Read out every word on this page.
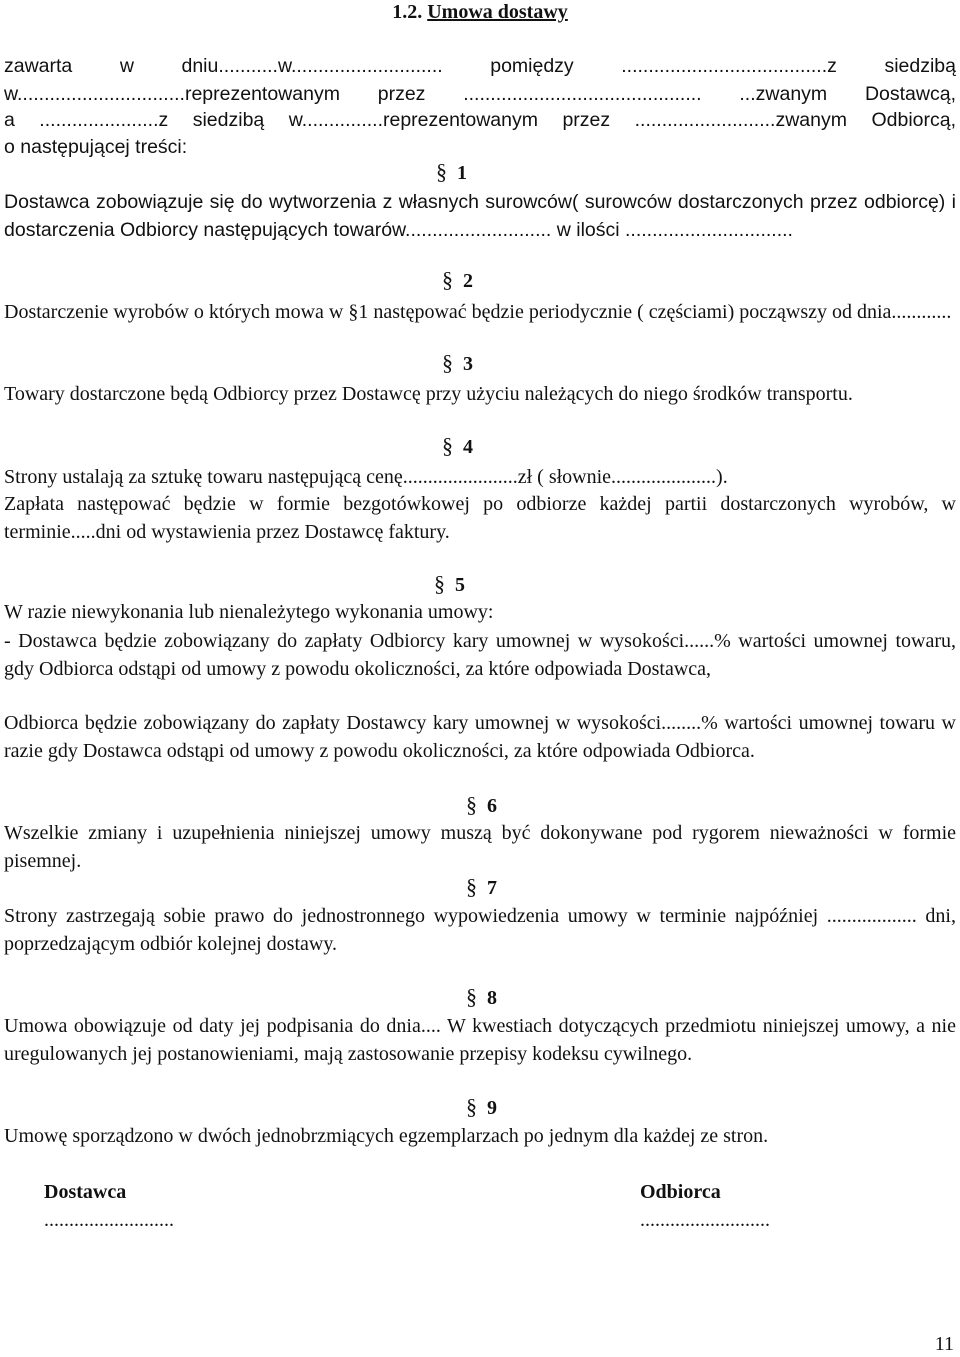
1.2. Umowa dostawy
zawarta w dniu...........w............................ pomiędzy ......................................z siedzibą
w...............................reprezentowanym przez ............................................ ...zwanym Dostawcą,
a ......................z siedzibą w...............reprezentowanym przez ..........................zwanym Odbiorcą,
o następującej treści:
§ 1
Dostawca zobowiązuje się do wytworzenia z własnych surowców( surowców dostarczonych przez odbiorcę) i dostarczenia Odbiorcy następujących towarów........................... w ilości ...............................
§ 2
Dostarczenie wyrobów o których mowa w §1 następować będzie periodycznie ( częściami) począwszy od dnia............
§ 3
Towary dostarczone będą Odbiorcy przez Dostawcę przy użyciu należących do niego środków transportu.
§ 4
Strony ustalają za sztukę towaru następującą cenę.......................zł ( słownie.....................).
Zapłata następować będzie w formie bezgotówkowej po odbiorze każdej partii dostarczonych wyrobów, w terminie.....dni od wystawienia przez Dostawcę faktury.
§ 5
W razie niewykonania lub nienależytego wykonania umowy:
- Dostawca będzie zobowiązany do zapłaty Odbiorcy kary umownej w wysokości......% wartości umownej towaru, gdy Odbiorca odstąpi od umowy z powodu okoliczności, za które odpowiada Dostawca,
Odbiorca będzie zobowiązany do zapłaty Dostawcy kary umownej w wysokości........% wartości umownej towaru w razie gdy Dostawca odstąpi od umowy z powodu okoliczności, za które odpowiada Odbiorca.
§ 6
Wszelkie zmiany i uzupełnienia niniejszej umowy muszą być dokonywane pod rygorem nieważności w formie pisemnej.
§ 7
Strony zastrzegają sobie prawo do jednostronnego wypowiedzenia umowy w terminie najpóźniej .................. dni, poprzedzającym odbiór kolejnej dostawy.
§ 8
Umowa obowiązuje od daty jej podpisania do dnia.... W kwestiach dotyczących przedmiotu niniejszej umowy, a nie uregulowanych jej postanowieniami, mają zastosowanie przepisy kodeksu cywilnego.
§ 9
Umowę sporządzono w dwóch jednobrzmiących egzemplarzach po jednym dla każdej ze stron.
Dostawca
..........................
Odbiorca
..........................
11
